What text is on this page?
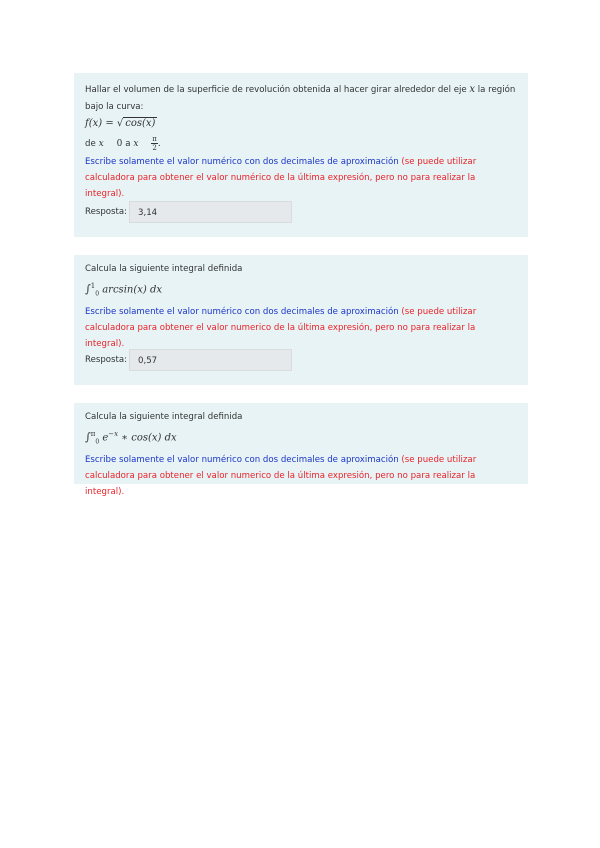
Hallar el volumen de la superficie de revolución obtenida al hacer girar alrededor del eje x la región bajo la curva:

f(x) = √ cos(x)
de x 0 a x $\frac{\pi}{2}$ .

Escribe solamente el valor numérico con dos decimales de aproximación (se puede utilizar calculadora para obtener el valor numérico de la última expresión, pero no para realizar la integral).

Resposta:	3,14

Calcula la siguiente integral definida

∫$^1_0$ arcsin(x) dx

Escribe solamente el valor numérico con dos decimales de aproximación (se puede utilizar calculadora para obtener el valor numerico de la última expresión, pero no para realizar la integral).

Resposta:	0,57

Calcula la siguiente integral definida

∫$^\pi_0$ $e^{-x}$ ∗ cos(x) dx

Escribe solamente el valor numérico con dos decimales de aproximación (se puede utilizar calculadora para obtener el valor numerico de la última expresión, pero no para realizar la integral).
